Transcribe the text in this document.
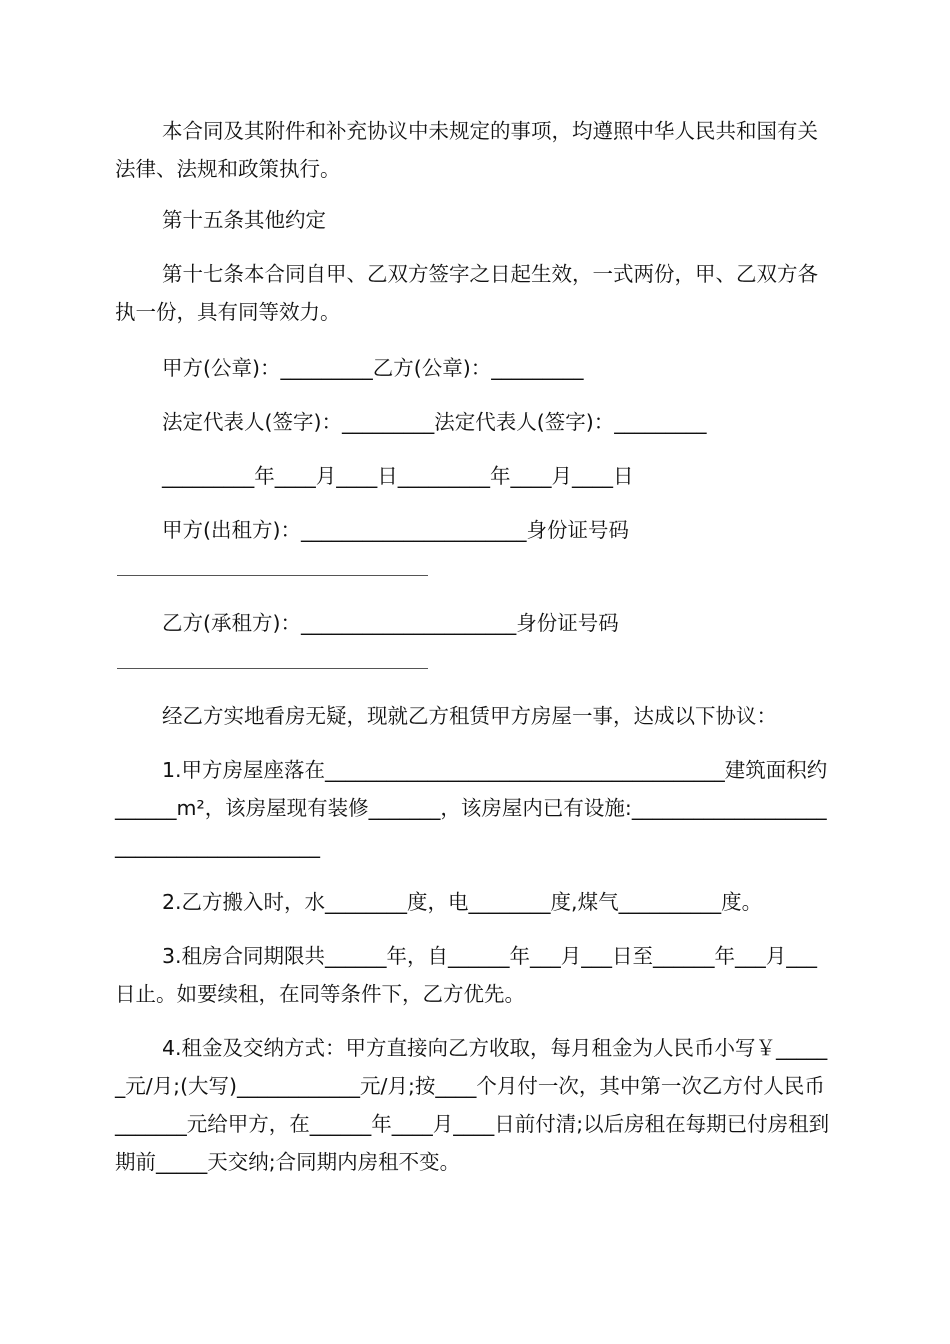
本合同及其附件和补充协议中未规定的事项，均遵照中华人民共和国有关法律、法规和政策执行。

第十五条其他约定

第十七条本合同自甲、乙双方签字之日起生效，一式两份，甲、乙双方各执一份，具有同等效力。

甲方(公章)：_________乙方(公章)：_________

法定代表人(签字)：_________法定代表人(签字)：_________

_________年____月____日_________年____月____日

甲方(出租方)：______________________身份证号码

乙方(承租方)：_____________________身份证号码

经乙方实地看房无疑，现就乙方租赁甲方房屋一事，达成以下协议：

1.甲方房屋座落在_______________________________________建筑面积约______m²，该房屋现有装修_______，该房屋内已有设施:_______________________________________

2.乙方搬入时，水________度，电________度,煤气__________度。

3.租房合同期限共______年，自______年___月___日至______年___月___日止。如要续租，在同等条件下，乙方优先。

4.租金及交纳方式：甲方直接向乙方收取，每月租金为人民币小写￥______元/月;(大写)____________元/月;按____个月付一次，其中第一次乙方付人民币_______元给甲方，在______年____月____日前付清;以后房租在每期已付房租到期前_____天交纳;合同期内房租不变。
